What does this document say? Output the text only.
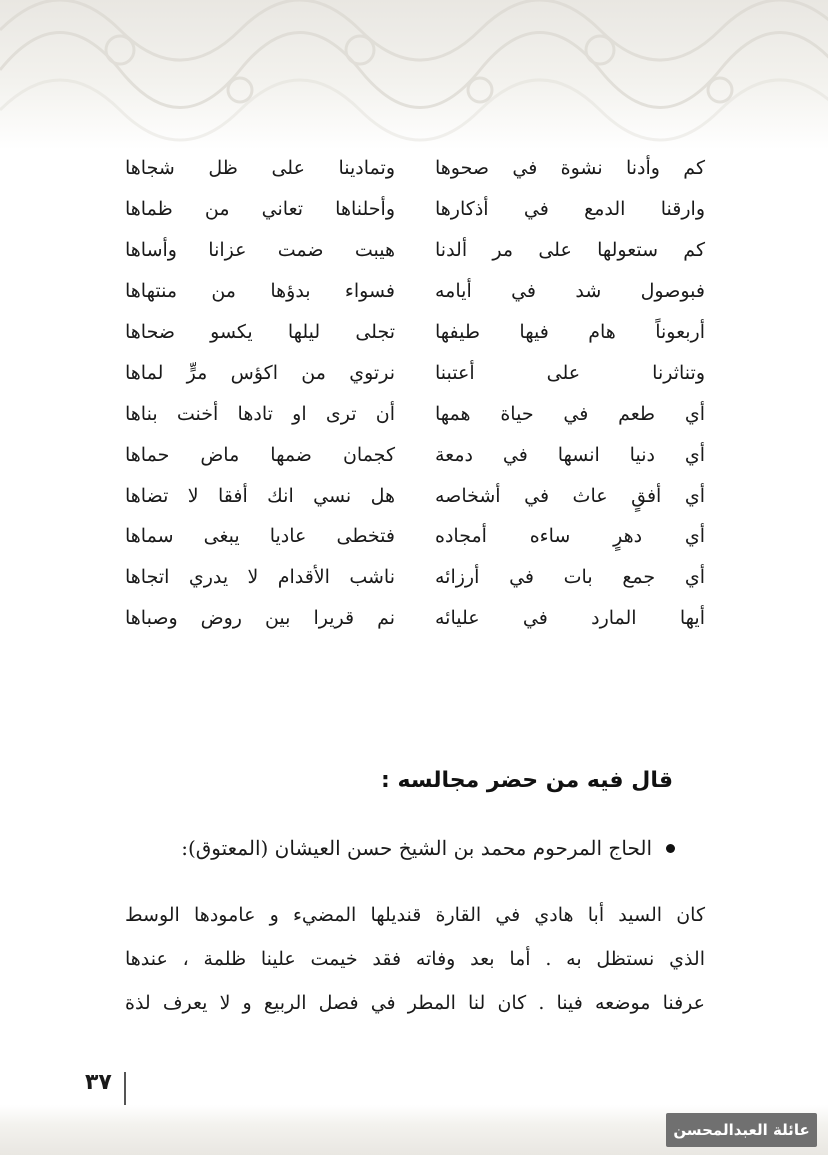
كم وأدنا نشوة في صحوها
وتمادينا على ظل شجاها
وارقنا الدمع في أذكارها
وأحلناها تعاني من ظماها
كم ستعولها على مر ألدنا
هيبت ضمت عزانا وأساها
فبوصول شد في أيامه
فسواء بدؤها من منتهاها
أربعوناً هام فيها طيفها
تجلى ليلها يكسو ضحاها
وتناثرنا على أعتبنا
نرتوي من اكؤس مرٍّ لماها
أي طعم في حياة همها
أن ترى او تادها أخنت بناها
أي دنيا انسها في دمعة
كجمان ضمها ماض حماها
أي أفقٍ عاث في أشخاصه
هل نسي انك أفقا لا تضاها
أي دهرٍ ساءه أمجاده
فتخطى عاديا يبغى سماها
أي جمع بات في أرزائه
ناشب الأقدام لا يدري اتجاها
أيها المارد في عليائه
نم قريرا بين روض وصباها
قال فيه من حضر مجالسه :
الحاج المرحوم محمد بن الشيخ حسن العيشان (المعتوق):
كان السيد أبا هادي في القارة قنديلها المضيء و عامودها الوسط
الذي نستظل به . أما بعد وفاته فقد خيمت علينا ظلمة ، عندها
عرفنا موضعه فينا . كان لنا المطر في فصل الربيع و لا يعرف لذة
٣٧
عائلة العبدالمحسن
